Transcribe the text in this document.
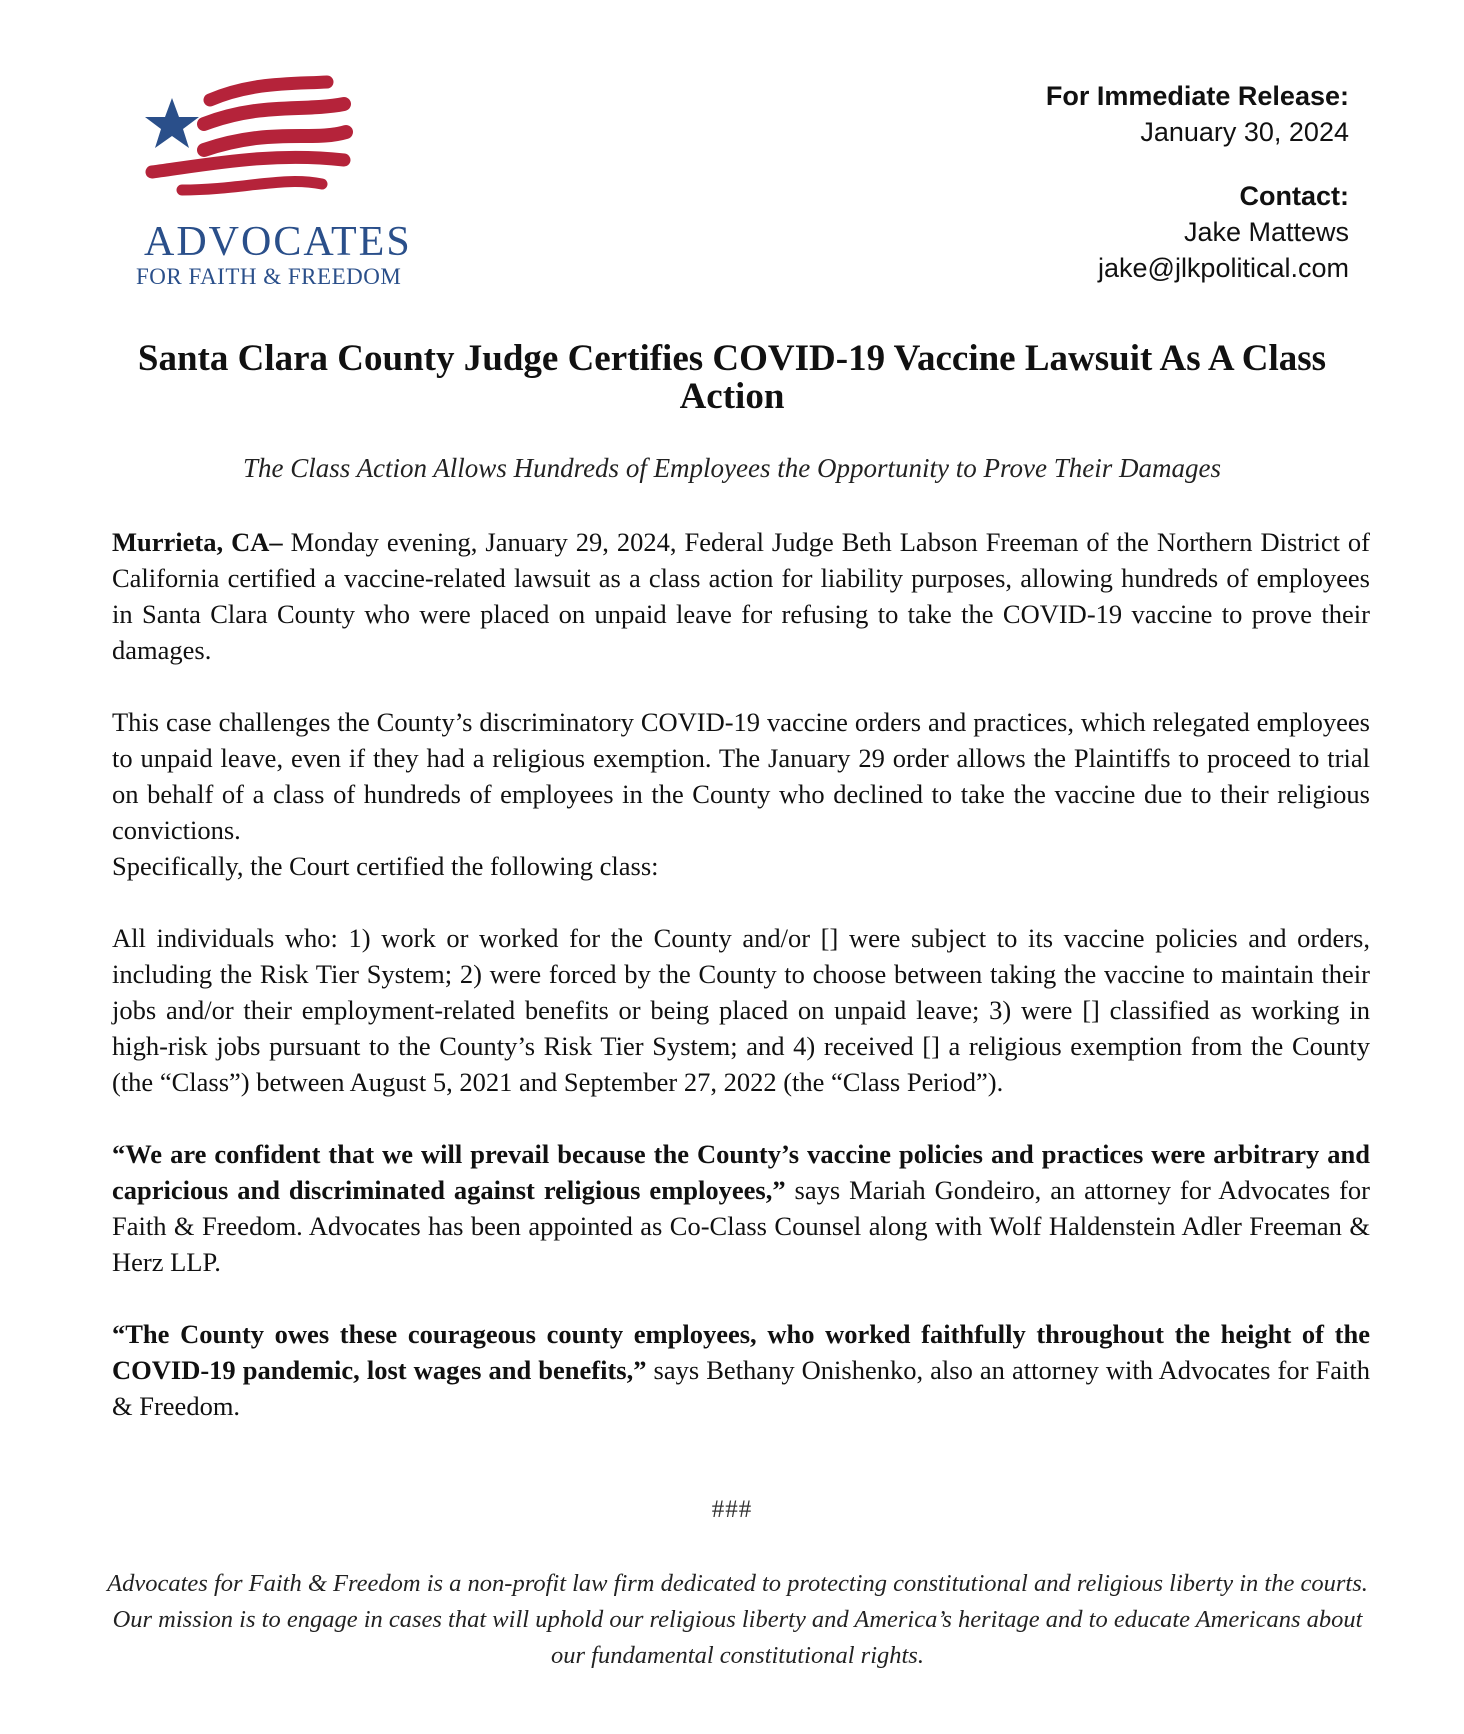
ADVOCATES
FOR FAITH & FREEDOM
For Immediate Release:
January 30, 2024
Contact:
Jake Mattews
jake@jlkpolitical.com
Santa Clara County Judge Certifies COVID-19 Vaccine Lawsuit As A Class Action
The Class Action Allows Hundreds of Employees the Opportunity to Prove Their Damages

Murrieta, CA– Monday evening, January 29, 2024, Federal Judge Beth Labson Freeman of the Northern District of California certified a vaccine-related lawsuit as a class action for liability purposes, allowing hundreds of employees in Santa Clara County who were placed on unpaid leave for refusing to take the COVID-19 vaccine to prove their damages.

This case challenges the County’s discriminatory COVID-19 vaccine orders and practices, which relegated employees to unpaid leave, even if they had a religious exemption. The January 29 order allows the Plaintiffs to proceed to trial on behalf of a class of hundreds of employees in the County who declined to take the vaccine due to their religious convictions.

Specifically, the Court certified the following class:

All individuals who: 1) work or worked for the County and/or [] were subject to its vaccine policies and orders, including the Risk Tier System; 2) were forced by the County to choose between taking the vaccine to maintain their jobs and/or their employment-related benefits or being placed on unpaid leave; 3) were [] classified as working in high-risk jobs pursuant to the County’s Risk Tier System; and 4) received [] a religious exemption from the County (the “Class”) between August 5, 2021 and September 27, 2022 (the “Class Period”).

“We are confident that we will prevail because the County’s vaccine policies and practices were arbitrary and capricious and discriminated against religious employees,” says Mariah Gondeiro, an attorney for Advocates for Faith & Freedom. Advocates has been appointed as Co-Class Counsel along with Wolf Haldenstein Adler Freeman & Herz LLP.

“The County owes these courageous county employees, who worked faithfully throughout the height of the COVID-19 pandemic, lost wages and benefits,” says Bethany Onishenko, also an attorney with Advocates for Faith & Freedom.

###
Advocates for Faith & Freedom is a non-profit law firm dedicated to protecting constitutional and religious liberty in the courts. Our mission is to engage in cases that will uphold our religious liberty and America’s heritage and to educate Americans about our fundamental constitutional rights.
